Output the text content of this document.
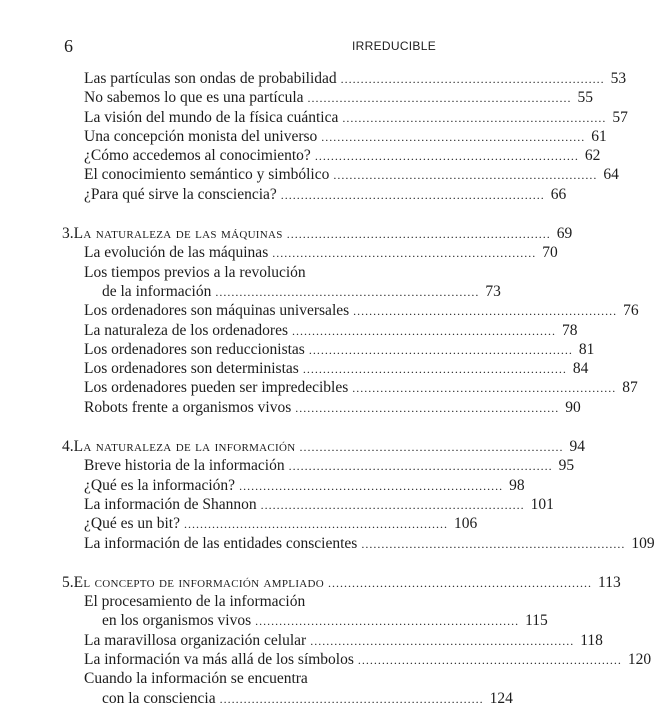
6	IRREDUCIBLE
Las partículas son ondas de probabilidad .................................................................. 53
No sabemos lo que es una partícula .................................................................. 55
La visión del mundo de la física cuántica .................................................................. 57
Una concepción monista del universo .................................................................. 61
¿Cómo accedemos al conocimiento? .................................................................. 62
El conocimiento semántico y simbólico .................................................................. 64
¿Para qué sirve la consciencia? .................................................................. 66
3. La naturaleza de las máquinas .................................................................. 69
La evolución de las máquinas .................................................................. 70
Los tiempos previos a la revolución
de la información .................................................................. 73
Los ordenadores son máquinas universales .................................................................. 76
La naturaleza de los ordenadores .................................................................. 78
Los ordenadores son reduccionistas .................................................................. 81
Los ordenadores son deterministas .................................................................. 84
Los ordenadores pueden ser impredecibles .................................................................. 87
Robots frente a organismos vivos .................................................................. 90
4. La naturaleza de la información .................................................................. 94
Breve historia de la información .................................................................. 95
¿Qué es la información? .................................................................. 98
La información de Shannon .................................................................. 101
¿Qué es un bit? .................................................................. 106
La información de las entidades conscientes .................................................................. 109
5. El concepto de información ampliado .................................................................. 113
El procesamiento de la información
en los organismos vivos .................................................................. 115
La maravillosa organización celular .................................................................. 118
La información va más allá de los símbolos .................................................................. 120
Cuando la información se encuentra
con la consciencia .................................................................. 124
